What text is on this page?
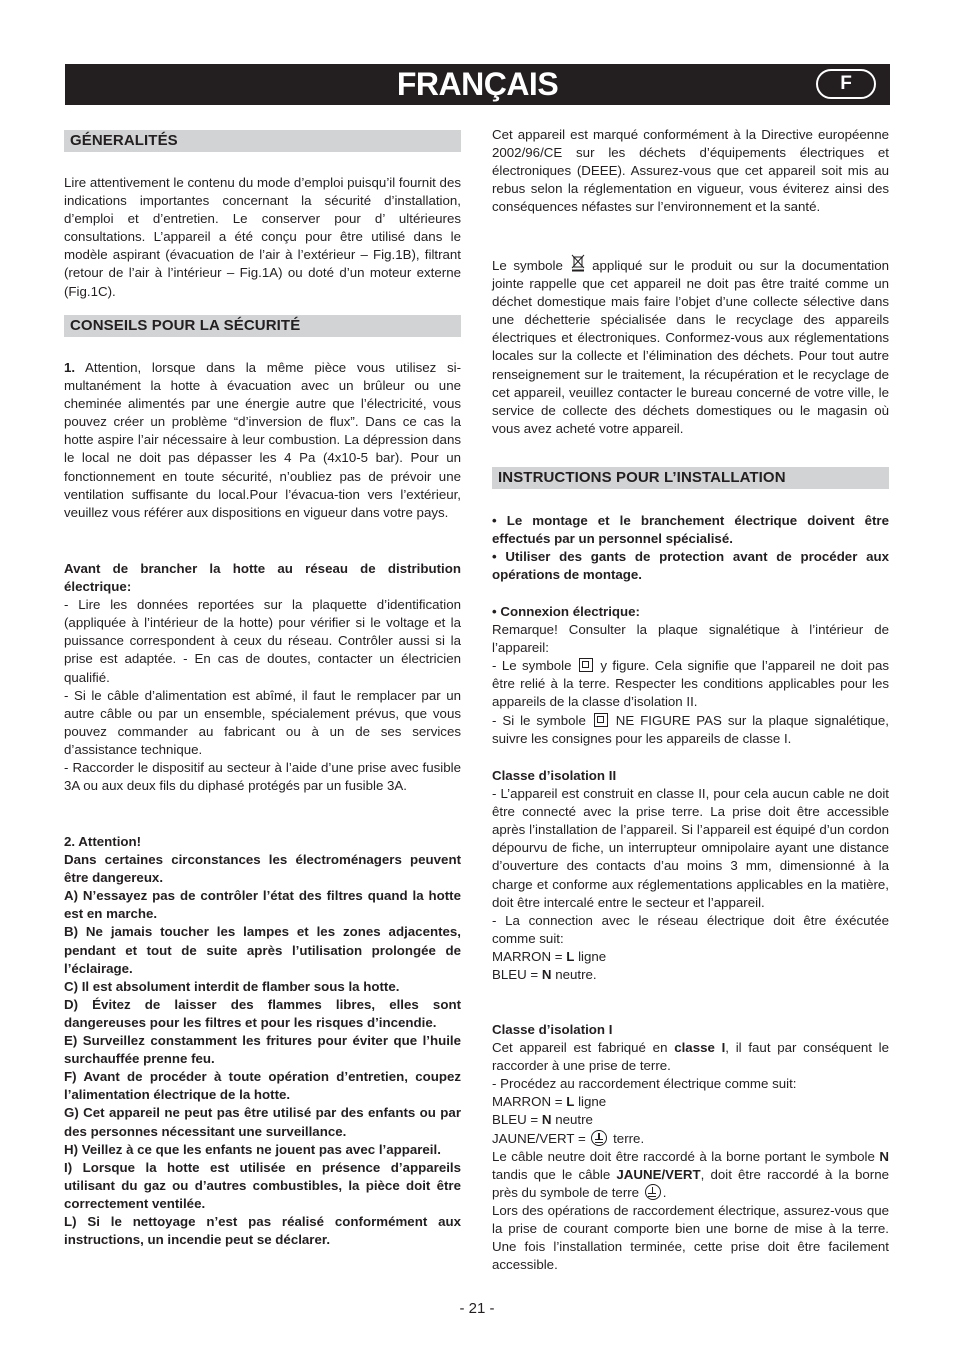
FRANÇAIS	F
GÉNERALITÉS
Lire attentivement le contenu du mode d’emploi puisqu’il fournit des indications importantes concernant la sécurité d’installation, d’emploi et d’entretien. Le conserver pour d’ ultérieures consultations. L’appareil a été conçu pour être utilisé dans le modèle aspirant (évacuation de l’air à l’extérieur – Fig.1B), filtrant (retour de l’air à l’intérieur – Fig.1A) ou doté d’un moteur externe (Fig.1C).
CONSEILS POUR LA SÉCURITÉ
1. Attention, lorsque dans la même pièce vous utilisez si-multanément la hotte à évacuation avec un brûleur ou une cheminée alimentés par une énergie autre que l’électricité, vous pouvez créer un problème “d’inversion de flux”. Dans ce cas la hotte aspire l’air nécessaire à leur combustion. La dépression dans le local ne doit pas dépasser les 4 Pa (4x10-5 bar). Pour un fonctionnement en toute sécurité, n’oubliez pas de prévoir une ventilation suffisante du local.Pour l’évacua-tion vers l’extérieur, veuillez vous référer aux dispositions en vigueur dans votre pays.

Avant de brancher la hotte au réseau de distribution électrique:

- Lire les données reportées sur la plaquette d’identification (appliquée à l’intérieur de la hotte) pour vérifier si le voltage et la puissance correspondent à ceux du réseau. Contrôler aussi si la prise est adaptée. - En cas de doutes, contacter un électricien qualifié.

- Si le câble d’alimentation est abîmé, il faut le remplacer par un autre câble ou par un ensemble, spécialement prévus, que vous pouvez commander au fabricant ou à un de ses services d’assistance technique.

- Raccorder le dispositif au secteur à l’aide d’une prise avec fusible 3A ou aux deux fils du diphasé protégés par un fusible 3A.

2. Attention!

Dans certaines circonstances les électroménagers peuvent être dangereux.

A) N’essayez pas de contrôler l’état des filtres quand la hotte est en marche.

B) Ne jamais toucher les lampes et les zones adjacentes, pendant et tout de suite après l’utilisation prolongée de l’éclairage.

C) Il est absolument interdit de flamber sous la hotte.

D) Évitez de laisser des flammes libres, elles sont dangereuses pour les filtres et pour les risques d’incendie.

E) Surveillez constamment les fritures pour éviter que l’huile surchauffée prenne feu.

F) Avant de procéder à toute opération d’entretien, coupez l’alimentation électrique de la hotte.

G) Cet appareil ne peut pas être utilisé par des enfants ou par des personnes nécessitant une surveillance.

H) Veillez à ce que les enfants ne jouent pas avec l’appareil.

I) Lorsque la hotte est utilisée en présence d’appareils utilisant du gaz ou d’autres combustibles, la pièce doit être correctement ventilée.

L) Si le nettoyage n’est pas réalisé conformément aux instructions, un incendie peut se déclarer.

Cet appareil est marqué conformément à la Directive européenne 2002/96/CE sur les déchets d’équipements électriques et électroniques (DEEE). Assurez-vous que cet appareil soit mis au rebus selon la réglementation en vigueur, vous éviterez ainsi des conséquences néfastes sur l’environnement et la santé.
Le symbole  appliqué sur le produit ou sur la documentation jointe rappelle que cet appareil ne doit pas être traité comme un déchet domestique mais faire l’objet d’une collecte sélective dans une déchetterie spécialisée dans le recyclage des appareils électriques et électroniques. Conformez-vous aux réglementations locales sur la collecte et l’élimination des déchets. Pour tout autre renseignement sur le traitement, la récupération et le recyclage de cet appareil, veuillez contacter le bureau concerné de votre ville, le service de collecte des déchets domestiques ou le magasin où vous avez acheté votre appareil.
INSTRUCTIONS POUR L’INSTALLATION

• Le montage et le branchement électrique doivent être effectués par un personnel spécialisé.

• Utiliser des gants de protection avant de procéder aux opérations de montage.

• Connexion électrique:

Remarque! Consulter la plaque signalétique à l’intérieur de l’appareil:

- Le symbole  y figure. Cela signifie que l’appareil ne doit pas être relié à la terre. Respecter les conditions applicables pour les appareils de la classe d’isolation II.

- Si le symbole  NE FIGURE PAS sur la plaque signalétique, suivre les consignes pour les appareils de classe I.

Classe d’isolation II

- L’appareil est construit en classe II, pour cela aucun cable ne doit être connecté avec la prise terre. La prise doit être accessible après l’installation de l’appareil. Si l’appareil est équipé d’un cordon dépourvu de fiche, un interrupteur omnipolaire ayant une distance d’ouverture des contacts d’au moins 3 mm, dimensionné à la charge et conforme aux réglementations applicables en la matière, doit être intercalé entre le secteur et l’appareil.

- La connection avec le réseau électrique doit être éxécutée comme suit:

MARRON = L ligne

BLEU = N neutre.

Classe d’isolation I

Cet appareil est fabriqué en classe I, il faut par conséquent le raccorder à une prise de terre.

- Procédez au raccordement électrique comme suit:

MARRON = L ligne

BLEU = N neutre

JAUNE/VERT =  terre.

Le câble neutre doit être raccordé à la borne portant le symbole N tandis que le câble JAUNE/VERT, doit être raccordé à la borne près du symbole de terre .

Lors des opérations de raccordement électrique, assurez-vous que la prise de courant comporte bien une borne de mise à la terre. Une fois l’installation terminée, cette prise doit être facilement accessible.

- 21 -
